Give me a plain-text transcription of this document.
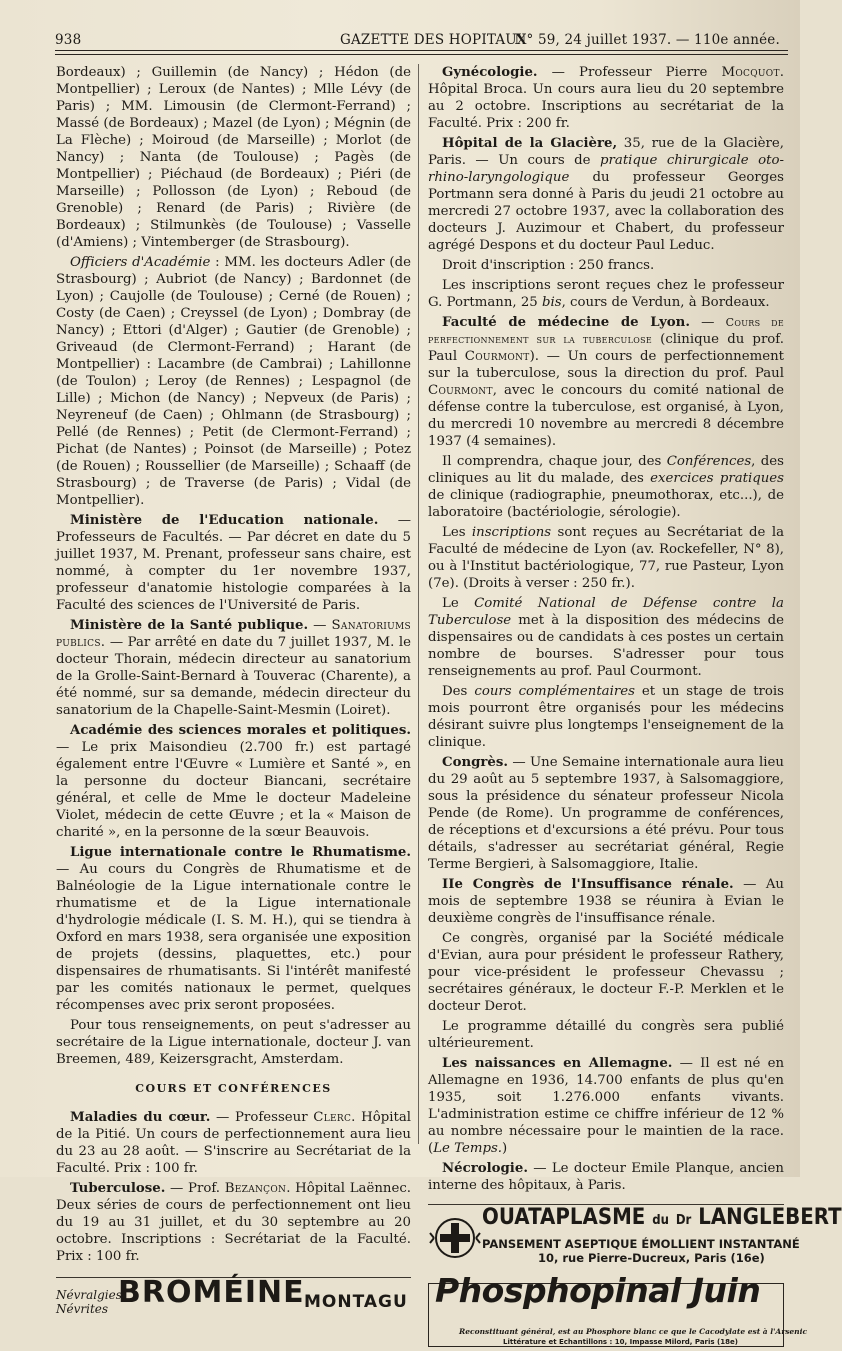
938	GAZETTE DES HOPITAUX
N° 59, 24 juillet 1937. — 110e année.

Bordeaux) ; Guillemin (de Nancy) ; Hédon (de Montpellier) ; Leroux (de Nantes) ; Mlle Lévy (de Paris) ; MM. Limousin (de Clermont-Ferrand) ; Massé (de Bordeaux) ; Mazel (de Lyon) ; Mégnin (de La Flèche) ; Moiroud (de Marseille) ; Morlot (de Nancy) ; Nanta (de Toulouse) ; Pagès (de Montpellier) ; Piéchaud (de Bordeaux) ; Piéri (de Marseille) ; Pollosson (de Lyon) ; Reboud (de Grenoble) ; Renard (de Paris) ; Rivière (de Bordeaux) ; Stilmunkès (de Toulouse) ; Vasselle (d'Amiens) ; Vintemberger (de Strasbourg).

Officiers d'Académie : MM. les docteurs Adler (de Strasbourg) ; Aubriot (de Nancy) ; Bardonnet (de Lyon) ; Caujolle (de Toulouse) ; Cerné (de Rouen) ; Costy (de Caen) ; Creyssel (de Lyon) ; Dombray (de Nancy) ; Ettori (d'Alger) ; Gautier (de Grenoble) ; Griveaud (de Clermont-Ferrand) ; Harant (de Montpellier) : Lacambre (de Cambrai) ; Lahillonne (de Toulon) ; Leroy (de Rennes) ; Lespagnol (de Lille) ; Michon (de Nancy) ; Nepveux (de Paris) ; Neyreneuf (de Caen) ; Ohlmann (de Strasbourg) ; Pellé (de Rennes) ; Petit (de Clermont-Ferrand) ; Pichat (de Nantes) ; Poinsot (de Marseille) ; Potez (de Rouen) ; Roussellier (de Marseille) ; Schaaff (de Strasbourg) ; de Traverse (de Paris) ; Vidal (de Montpellier).

Ministère de l'Education nationale. — Professeurs de Facultés. — Par décret en date du 5 juillet 1937, M. Prenant, professeur sans chaire, est nommé, à compter du 1er novembre 1937, professeur d'anatomie histologie comparées à la Faculté des sciences de l'Université de Paris.

Ministère de la Santé publique. — Sanatoriums publics. — Par arrêté en date du 7 juillet 1937, M. le docteur Thorain, médecin directeur au sanatorium de la Grolle-Saint-Bernard à Touverac (Charente), a été nommé, sur sa demande, médecin directeur du sanatorium de la Chapelle-Saint-Mesmin (Loiret).

Académie des sciences morales et politiques. — Le prix Maisondieu (2.700 fr.) est partagé également entre l'Œuvre « Lumière et Santé », en la personne du docteur Biancani, secrétaire général, et celle de Mme le docteur Madeleine Violet, médecin de cette Œuvre ; et la « Maison de charité », en la personne de la sœur Beauvois.

Ligue internationale contre le Rhumatisme. — Au cours du Congrès de Rhumatisme et de Balnéologie de la Ligue internationale contre le rhumatisme et de la Ligue internationale d'hydrologie médicale (I. S. M. H.), qui se tiendra à Oxford en mars 1938, sera organisée une exposition de projets (dessins, plaquettes, etc.) pour dispensaires de rhumatisants. Si l'intérêt manifesté par les comités nationaux le permet, quelques récompenses avec prix seront proposées.

Pour tous renseignements, on peut s'adresser au secrétaire de la Ligue internationale, docteur J. van Breemen, 489, Keizersgracht, Amsterdam.

COURS ET CONFÉRENCES

Maladies du cœur. — Professeur Clerc. Hôpital de la Pitié. Un cours de perfectionnement aura lieu du 23 au 28 août. — S'inscrire au Secrétariat de la Faculté. Prix : 100 fr.

Tuberculose. — Prof. Bezançon. Hôpital Laënnec. Deux séries de cours de perfectionnement ont lieu du 19 au 31 juillet, et du 30 septembre au 20 octobre. Inscriptions : Secrétariat de la Faculté. Prix : 100 fr.

Névralgies
Névrites BROMÉINE MONTAGU

Gynécologie. — Professeur Pierre Mocquot. Hôpital Broca. Un cours aura lieu du 20 septembre au 2 octobre. Inscriptions au secrétariat de la Faculté. Prix : 200 fr.

Hôpital de la Glacière, 35, rue de la Glacière, Paris. — Un cours de pratique chirurgicale oto-rhino-laryngologique du professeur Georges Portmann sera donné à Paris du jeudi 21 octobre au mercredi 27 octobre 1937, avec la collaboration des docteurs J. Auzimour et Chabert, du professeur agrégé Despons et du docteur Paul Leduc.

Droit d'inscription : 250 francs.

Les inscriptions seront reçues chez le professeur G. Portmann, 25 bis, cours de Verdun, à Bordeaux.

Faculté de médecine de Lyon. — Cours de perfectionnement sur la tuberculose (clinique du prof. Paul Courmont). — Un cours de perfectionnement sur la tuberculose, sous la direction du prof. Paul Courmont, avec le concours du comité national de défense contre la tuberculose, est organisé, à Lyon, du mercredi 10 novembre au mercredi 8 décembre 1937 (4 semaines).

Il comprendra, chaque jour, des Conférences, des cliniques au lit du malade, des exercices pratiques de clinique (radiographie, pneumothorax, etc...), de laboratoire (bactériologie, sérologie).

Les inscriptions sont reçues au Secrétariat de la Faculté de médecine de Lyon (av. Rockefeller, N° 8), ou à l'Institut bactériologique, 77, rue Pasteur, Lyon (7e). (Droits à verser : 250 fr.).

Le Comité National de Défense contre la Tuberculose met à la disposition des médecins de dispensaires ou de candidats à ces postes un certain nombre de bourses. S'adresser pour tous renseignements au prof. Paul Courmont.

Des cours complémentaires et un stage de trois mois pourront être organisés pour les médecins désirant suivre plus longtemps l'enseignement de la clinique.

Congrès. — Une Semaine internationale aura lieu du 29 août au 5 septembre 1937, à Salsomaggiore, sous la présidence du sénateur professeur Nicola Pende (de Rome). Un programme de conférences, de réceptions et d'excursions a été prévu. Pour tous détails, s'adresser au secrétariat général, Regie Terme Bergieri, à Salsomaggiore, Italie.

IIe Congrès de l'Insuffisance rénale. — Au mois de septembre 1938 se réunira à Evian le deuxième congrès de l'insuffisance rénale.

Ce congrès, organisé par la Société médicale d'Evian, aura pour président le professeur Rathery, pour vice-président le professeur Chevassu ; secrétaires généraux, le docteur F.-P. Merklen et le docteur Derot.

Le programme détaillé du congrès sera publié ultérieurement.

Les naissances en Allemagne. — Il est né en Allemagne en 1936, 14.700 enfants de plus qu'en 1935, soit 1.276.000 enfants vivants. L'administration estime ce chiffre inférieur de 12 % au nombre nécessaire pour le maintien de la race. (Le Temps.)

Nécrologie. — Le docteur Emile Planque, ancien interne des hôpitaux, à Paris.

OUATAPLASME du Dr LANGLEBERT
PANSEMENT ASEPTIQUE ÉMOLLIENT INSTANTANÉ
10, rue Pierre-Ducreux, Paris (16e)
Phosphopinal Juin
Reconstituant général, est au Phosphore blanc ce que le Cacodylate est à l'Arsenic
Littérature et Echantillons : 10, Impasse Milord, Paris (18e)
